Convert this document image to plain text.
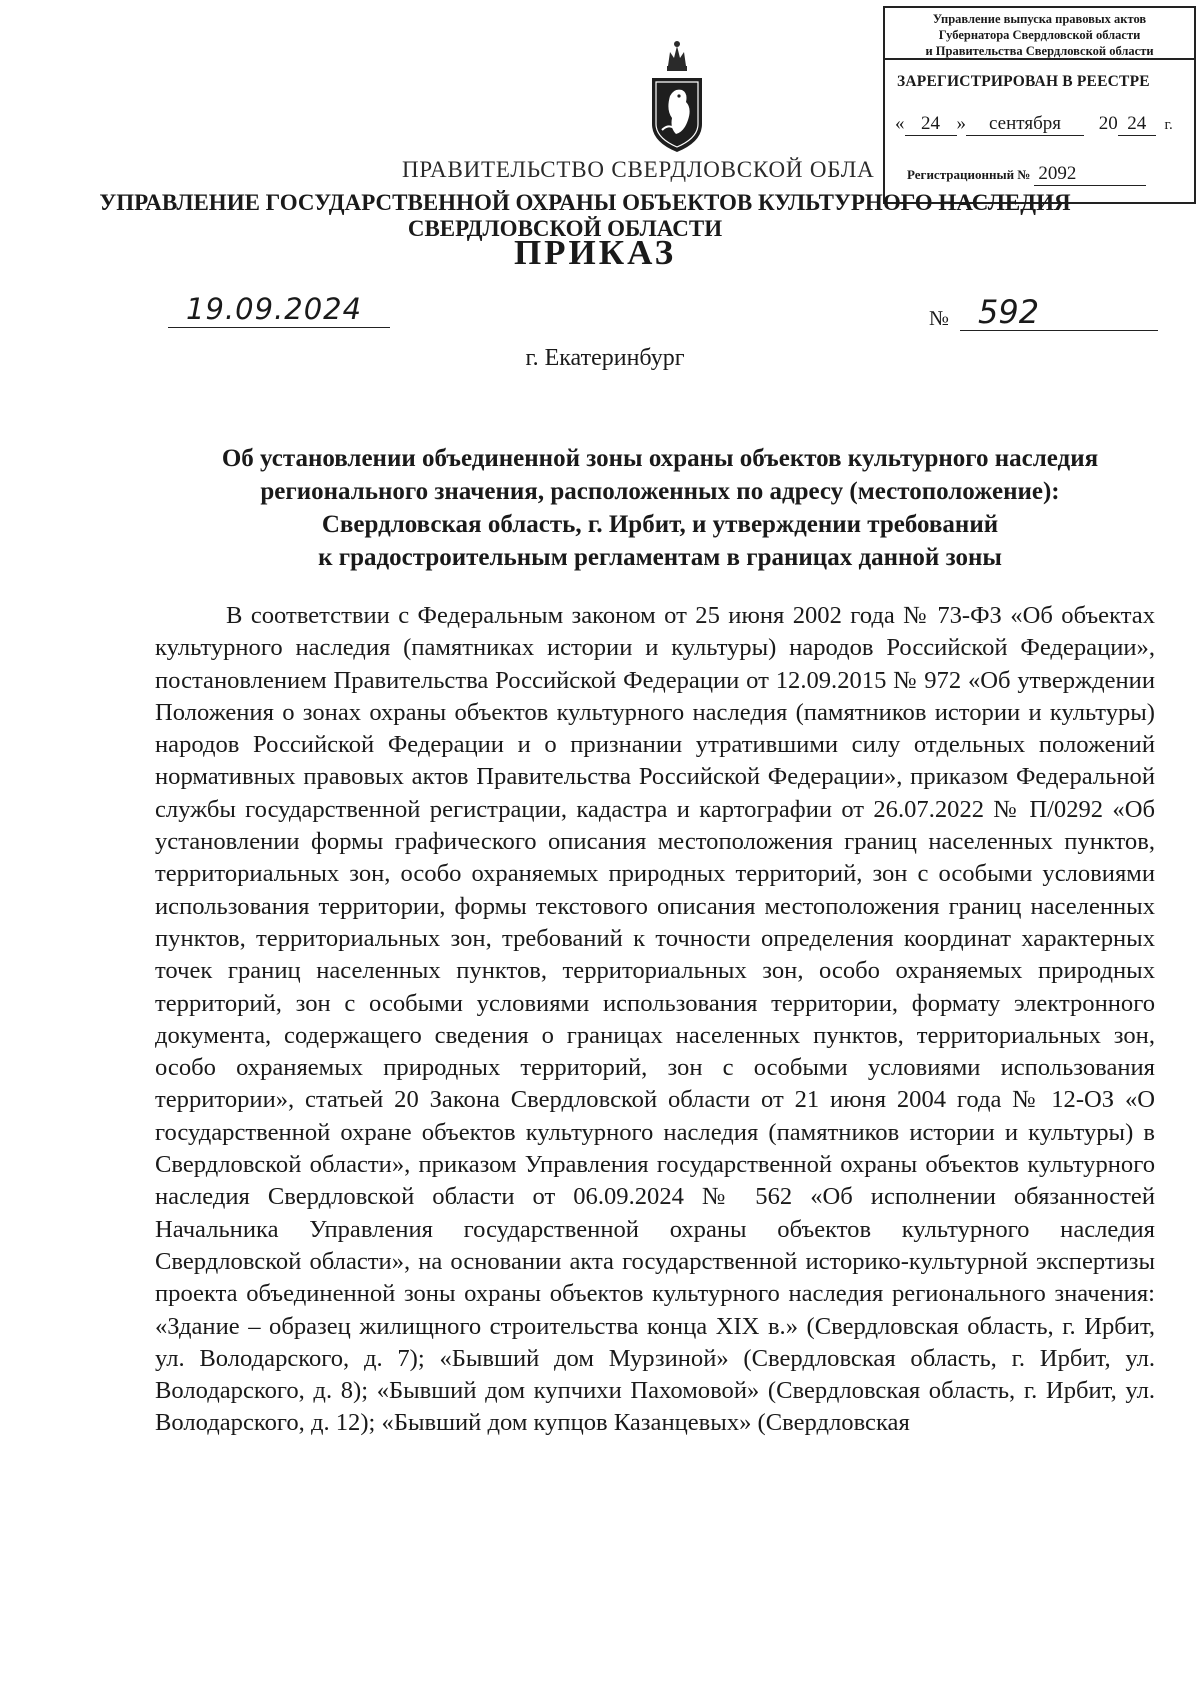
Управление выпуска правовых актов
Губернатора Свердловской области
и Правительства Свердловской области
ЗАРЕГИСТРИРОВАН В РЕЕСТРЕ
« 24 » сентября 20 24 г.
Регистрационный № 2092
ПРАВИТЕЛЬСТВО СВЕРДЛОВСКОЙ ОБЛА
УПРАВЛЕНИЕ ГОСУДАРСТВЕННОЙ ОХРАНЫ ОБЪЕКТОВ КУЛЬТУРНОГО НАСЛЕДИЯ
СВЕРДЛОВСКОЙ ОБЛАСТИ
ПРИКАЗ
19.09.2024	№ 592
г. Екатеринбург
Об установлении объединенной зоны охраны объектов культурного наследия
регионального значения, расположенных по адресу (местоположение):
Свердловская область, г. Ирбит, и утверждении требований
к градостроительным регламентам в границах данной зоны

В соответствии с Федеральным законом от 25 июня 2002 года № 73-ФЗ «Об объектах культурного наследия (памятниках истории и культуры) народов Российской Федерации», постановлением Правительства Российской Федерации от 12.09.2015 № 972 «Об утверждении Положения о зонах охраны объектов культурного наследия (памятников истории и культуры) народов Российской Федерации и о признании утратившими силу отдельных положений нормативных правовых актов Правительства Российской Федерации», приказом Федеральной службы государственной регистрации, кадастра и картографии от 26.07.2022 № П/0292 «Об установлении формы графического описания местоположения границ населенных пунктов, территориальных зон, особо охраняемых природных территорий, зон с особыми условиями использования территории, формы текстового описания местоположения границ населенных пунктов, территориальных зон, требований к точности определения координат характерных точек границ населенных пунктов, территориальных зон, особо охраняемых природных территорий, зон с особыми условиями использования территории, формату электронного документа, содержащего сведения о границах населенных пунктов, территориальных зон, особо охраняемых природных территорий, зон с особыми условиями использования территории», статьей 20 Закона Свердловской области от 21 июня 2004 года № 12-ОЗ «О государственной охране объектов культурного наследия (памятников истории и культуры) в Свердловской области», приказом Управления государственной охраны объектов культурного наследия Свердловской области от 06.09.2024 № 562 «Об исполнении обязанностей Начальника Управления государственной охраны объектов культурного наследия Свердловской области», на основании акта государственной историко-культурной экспертизы проекта объединенной зоны охраны объектов культурного наследия регионального значения: «Здание – образец жилищного строительства конца XIX в.» (Свердловская область, г. Ирбит, ул. Володарского, д. 7); «Бывший дом Мурзиной» (Свердловская область, г. Ирбит, ул. Володарского, д. 8); «Бывший дом купчихи Пахомовой» (Свердловская область, г. Ирбит, ул. Володарского, д. 12); «Бывший дом купцов Казанцевых» (Свердловская
